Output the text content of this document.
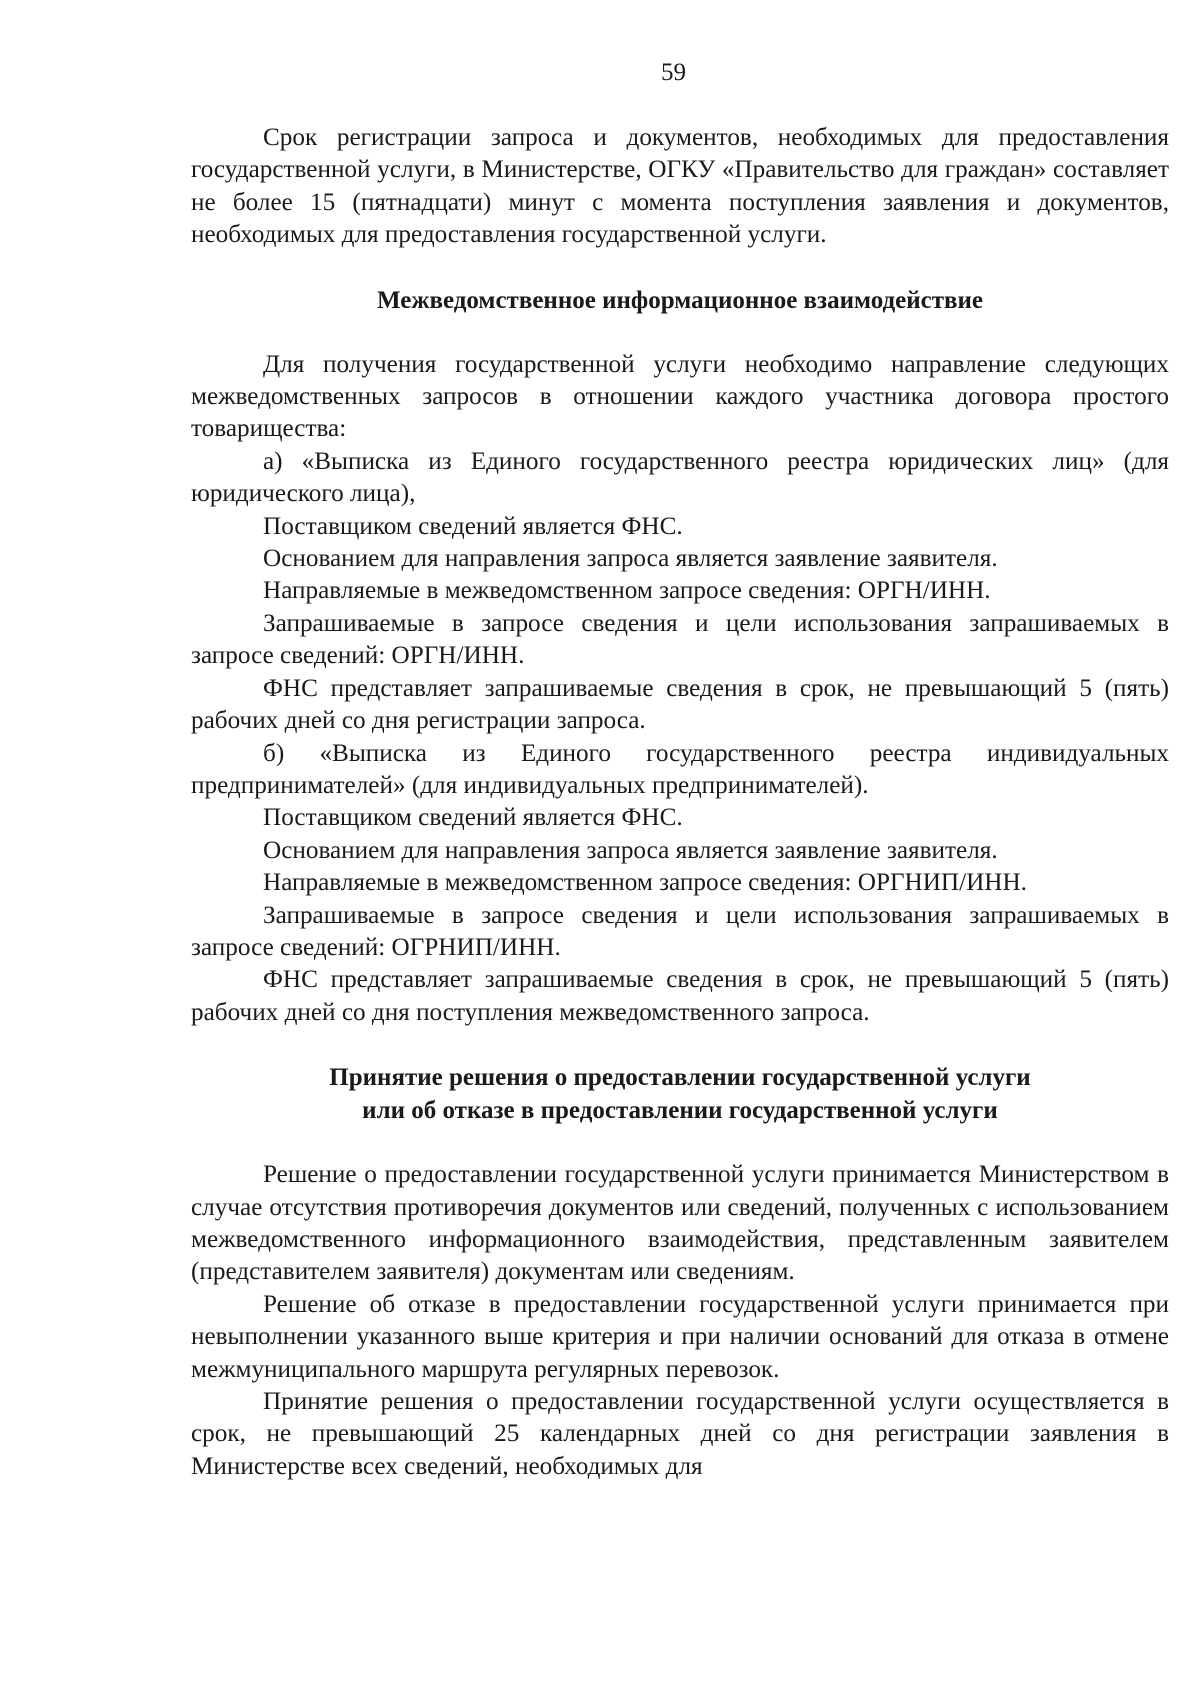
59

Срок регистрации запроса и документов, необходимых для предоставления государственной услуги, в Министерстве, ОГКУ «Правительство для граждан» составляет не более 15 (пятнадцати) минут с момента поступления заявления и документов, необходимых для предоставления государственной услуги.

Межведомственное информационное взаимодействие

Для получения государственной услуги необходимо направление следующих межведомственных запросов в отношении каждого участника договора простого товарищества:

а) «Выписка из Единого государственного реестра юридических лиц» (для юридического лица),

Поставщиком сведений является ФНС.

Основанием для направления запроса является заявление заявителя.

Направляемые в межведомственном запросе сведения: ОРГН/ИНН.

Запрашиваемые в запросе сведения и цели использования запрашиваемых в запросе сведений: ОРГН/ИНН.

ФНС представляет запрашиваемые сведения в срок, не превышающий 5 (пять) рабочих дней со дня регистрации запроса.

б) «Выписка из Единого государственного реестра индивидуальных предпринимателей» (для индивидуальных предпринимателей).

Поставщиком сведений является ФНС.

Основанием для направления запроса является заявление заявителя.

Направляемые в межведомственном запросе сведения: ОРГНИП/ИНН.

Запрашиваемые в запросе сведения и цели использования запрашиваемых в запросе сведений: ОГРНИП/ИНН.

ФНС представляет запрашиваемые сведения в срок, не превышающий 5 (пять) рабочих дней со дня поступления межведомственного запроса.

Принятие решения о предоставлении государственной услуги
или об отказе в предоставлении государственной услуги

Решение о предоставлении государственной услуги принимается Министерством в случае отсутствия противоречия документов или сведений, полученных с использованием межведомственного информационного взаимодействия, представленным заявителем (представителем заявителя) документам или сведениям.

Решение об отказе в предоставлении государственной услуги принимается при невыполнении указанного выше критерия и при наличии оснований для отказа в отмене межмуниципального маршрута регулярных перевозок.

Принятие решения о предоставлении государственной услуги осуществляется в срок, не превышающий 25 календарных дней со дня регистрации заявления в Министерстве всех сведений, необходимых для
